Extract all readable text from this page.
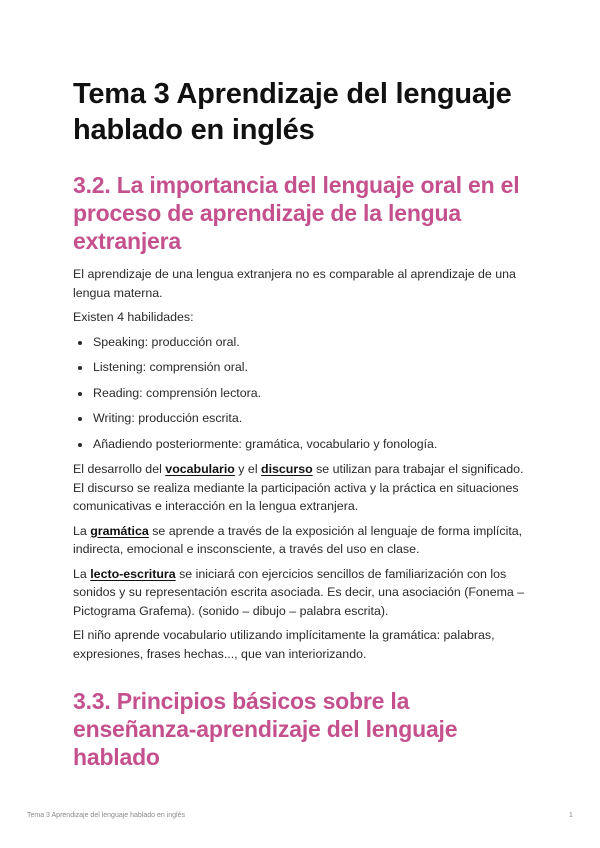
Tema 3 Aprendizaje del lenguaje hablado en inglés
3.2. La importancia del lenguaje oral en el proceso de aprendizaje de la lengua extranjera

El aprendizaje de una lengua extranjera no es comparable al aprendizaje de una lengua materna.

Existen 4 habilidades:

Speaking: producción oral.
Listening: comprensión oral.
Reading: comprensión lectora.
Writing: producción escrita.
Añadiendo posteriormente: gramática, vocabulario y fonología.

El desarrollo del vocabulario y el discurso se utilizan para trabajar el significado. El discurso se realiza mediante la participación activa y la práctica en situaciones comunicativas e interacción en la lengua extranjera.

La gramática se aprende a través de la exposición al lenguaje de forma implícita, indirecta, emocional e insconsciente, a través del uso en clase.

La lecto-escritura se iniciará con ejercicios sencillos de familiarización con los sonidos y su representación escrita asociada. Es decir, una asociación (Fonema – Pictograma Grafema). (sonido – dibujo – palabra escrita).

El niño aprende vocabulario utilizando implícitamente la gramática: palabras, expresiones, frases hechas..., que van interiorizando.

3.3. Principios básicos sobre la enseñanza-aprendizaje del lenguaje hablado
Tema 3 Aprendizaje del lenguaje hablado en inglés	1
